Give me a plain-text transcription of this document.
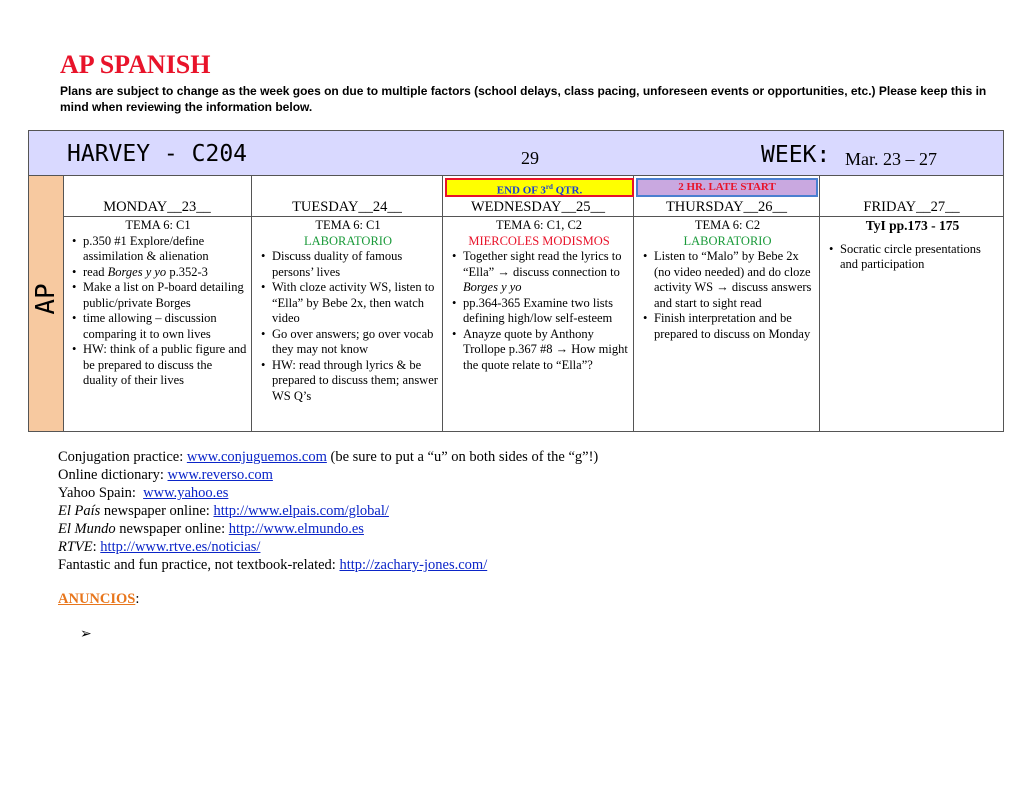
AP SPANISH
Plans are subject to change as the week goes on due to multiple factors (school delays, class pacing, unforeseen events or opportunities, etc.) Please keep this in mind when reviewing the information below.
HARVEY - C204	29	WEEK: Mar. 23 – 27
AP
MONDAY__23__
TEMA 6: C1
• p.350 #1 Explore/define assimilation & alienation
• read Borges y yo p.352-3
• Make a list on P-board detailing public/private Borges
• time allowing – discussion comparing it to own lives
• HW: think of a public figure and be prepared to discuss the duality of their lives
TUESDAY__24__
TEMA 6: C1
LABORATORIO
• Discuss duality of famous persons’ lives
• With cloze activity WS, listen to “Ella” by Bebe 2x, then watch video
• Go over answers; go over vocab they may not know
• HW: read through lyrics & be prepared to discuss them; answer WS Q’s
END OF 3rd QTR.
WEDNESDAY__25__
TEMA 6: C1, C2
MIERCOLES MODISMOS
• Together sight read the lyrics to “Ella” → discuss connection to Borges y yo
• pp.364-365 Examine two lists defining high/low self-esteem
• Anayze quote by Anthony Trollope p.367 #8 → How might the quote relate to “Ella”?
2 HR. LATE START
THURSDAY__26__
TEMA 6: C2
LABORATORIO
• Listen to “Malo” by Bebe 2x (no video needed) and do cloze activity WS → discuss answers and start to sight read
• Finish interpretation and be prepared to discuss on Monday
FRIDAY__27__
TyI pp.173 - 175
• Socratic circle presentations and participation
Conjugation practice: www.conjuguemos.com (be sure to put a “u” on both sides of the “g”!)
Online dictionary: www.reverso.com
Yahoo Spain:  www.yahoo.es
El País newspaper online: http://www.elpais.com/global/
El Mundo newspaper online: http://www.elmundo.es
RTVE: http://www.rtve.es/noticias/
Fantastic and fun practice, not textbook-related: http://zachary-jones.com/
ANUNCIOS:
➢
